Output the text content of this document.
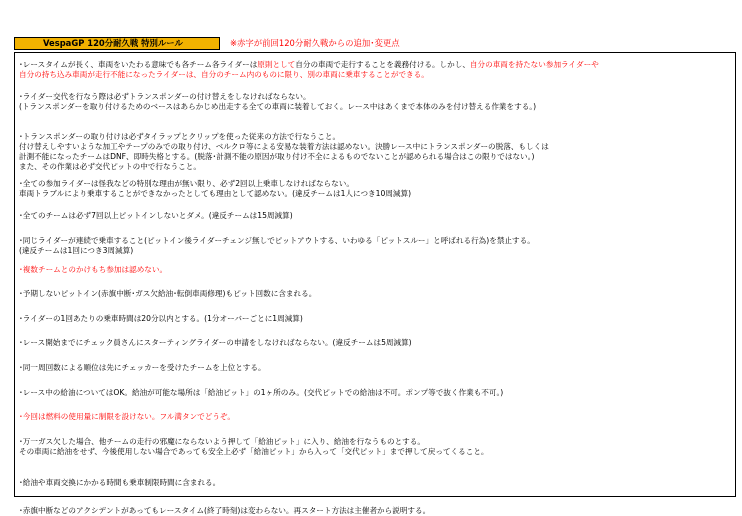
VespaGP 120分耐久戦 特別ルール	※赤字が前回120分耐久戦からの追加･変更点
･レースタイムが長く、車両をいたわる意味でも各チーム各ライダーは原則として自分の車両で走行することを義務付ける。しかし、自分の車両を持たない参加ライダーや
自分の持ち込み車両が走行不能になったライダーは、自分のチーム内のものに限り、別の車両に乗車することができる。
･ライダー交代を行なう際は必ずトランスポンダーの付け替えをしなければならない。
(トランスポンダーを取り付けるためのベースはあらかじめ出走する全ての車両に装着しておく。レース中はあくまで本体のみを付け替える作業をする。)
･トランスポンダーの取り付けは必ずタイラップとクリップを使った従来の方法で行なうこと。
付け替えしやすいような加工やテープのみでの取り付け、ベルクロ等による安易な装着方法は認めない。決勝レース中にトランスポンダーの脱落、もしくは
計測不能になったチームはDNF、即時失格とする。(脱落･計測不能の原因が取り付け不全によるものでないことが認められる場合はこの限りではない。)
また、その作業は必ず交代ピットの中で行なうこと。
･全ての参加ライダーは怪我などの特別な理由が無い限り、必ず2回以上乗車しなければならない。
車両トラブルにより乗車することができなかったとしても理由として認めない。(違反チームは1人につき10周減算)
･全てのチームは必ず7回以上ピットインしないとダメ。(違反チームは15周減算)
･同じライダーが連続で乗車すること(ピットイン後ライダーチェンジ無しでピットアウトする、いわゆる「ピットスルー」と呼ばれる行為)を禁止する。
(違反チームは1回につき3周減算)
･複数チームとのかけもち参加は認めない。
･予期しないピットイン(赤旗中断･ガス欠給油･転倒車両修理)もピット回数に含まれる。
･ライダーの1回あたりの乗車時間は20分以内とする。(1分オーバーごとに1周減算)
･レース開始までにチェック員さんにスターティングライダーの申請をしなければならない。(違反チームは5周減算)
･同一周回数による順位は先にチェッカーを受けたチームを上位とする。
･レース中の給油についてはOK。給油が可能な場所は「給油ピット」の1ヶ所のみ。(交代ピットでの給油は不可。ポンプ等で抜く作業も不可。)
･今回は燃料の使用量に制限を設けない。フル満タンでどうぞ。
･万一ガス欠した場合、他チームの走行の邪魔にならないよう押して「給油ピット」に入り、給油を行なうものとする。
その車両に給油をせず、今後使用しない場合であっても安全上必ず「給油ピット」から入って「交代ピット」まで押して戻ってくること。
･給油や車両交換にかかる時間も乗車制限時間に含まれる。
･赤旗中断などのアクシデントがあってもレースタイム(終了時刻)は変わらない。再スタート方法は主催者から説明する。
